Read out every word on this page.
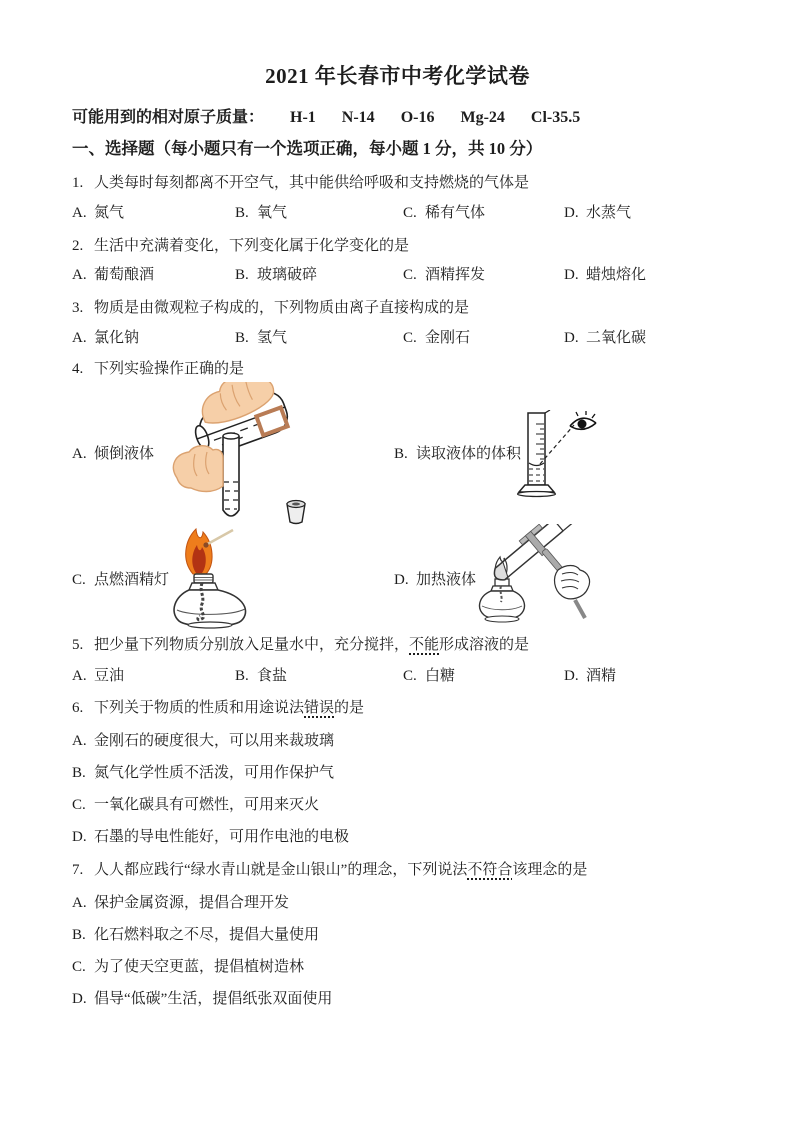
2021 年长春市中考化学试卷
可能用到的相对原子质量： H-1 N-14 O-16 Mg-24 Cl-35.5
一、选择题（每小题只有一个选项正确，每小题 1 分，共 10 分）
1. 人类每时每刻都离不开空气，其中能供给呼吸和支持燃烧的气体是
A. 氮气	B. 氧气	C. 稀有气体	D. 水蒸气
2. 生活中充满着变化，下列变化属于化学变化的是
A. 葡萄酿酒	B. 玻璃破碎	C. 酒精挥发	D. 蜡烛熔化
3. 物质是由微观粒子构成的，下列物质由离子直接构成的是
A. 氯化钠	B. 氢气	C. 金刚石	D. 二氧化碳
4. 下列实验操作正确的是
A. 倾倒液体	B. 读取液体的体积
C. 点燃酒精灯	D. 加热液体
5. 把少量下列物质分别放入足量水中，充分搅拌，不能形成溶液的是
A. 豆油	B. 食盐	C. 白糖	D. 酒精
6. 下列关于物质的性质和用途说法错误的是
A. 金刚石的硬度很大，可以用来裁玻璃
B. 氮气化学性质不活泼，可用作保护气
C. 一氧化碳具有可燃性，可用来灭火
D. 石墨的导电性能好，可用作电池的电极
7. 人人都应践行“绿水青山就是金山银山”的理念，下列说法不符合该理念的是
A. 保护金属资源，提倡合理开发
B. 化石燃料取之不尽，提倡大量使用
C. 为了使天空更蓝，提倡植树造林
D. 倡导“低碳”生活，提倡纸张双面使用
